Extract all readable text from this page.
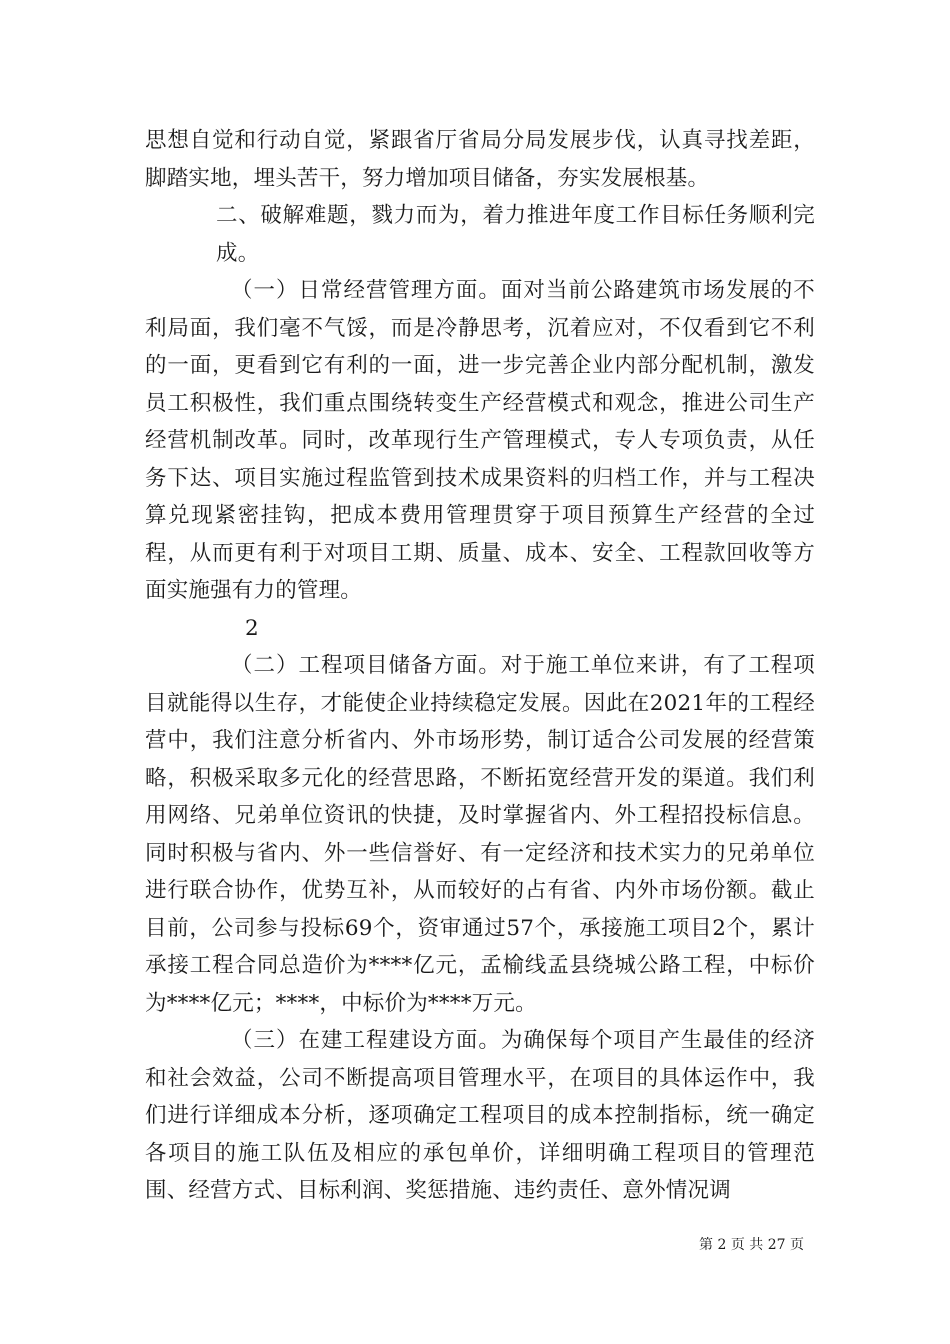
思想自觉和行动自觉，紧跟省厅省局分局发展步伐，认真寻找差距，脚踏实地，埋头苦干，努力增加项目储备，夯实发展根基。

二、破解难题，戮力而为，着力推进年度工作目标任务顺利完成。

（一）日常经营管理方面。面对当前公路建筑市场发展的不利局面，我们毫不气馁，而是冷静思考，沉着应对，不仅看到它不利的一面，更看到它有利的一面，进一步完善企业内部分配机制，激发员工积极性，我们重点围绕转变生产经营模式和观念，推进公司生产经营机制改革。同时，改革现行生产管理模式，专人专项负责，从任务下达、项目实施过程监管到技术成果资料的归档工作，并与工程决算兑现紧密挂钩，把成本费用管理贯穿于项目预算生产经营的全过程，从而更有利于对项目工期、质量、成本、安全、工程款回收等方面实施强有力的管理。

2

（二）工程项目储备方面。对于施工单位来讲，有了工程项目就能得以生存，才能使企业持续稳定发展。因此在2021年的工程经营中，我们注意分析省内、外市场形势，制订适合公司发展的经营策略，积极采取多元化的经营思路，不断拓宽经营开发的渠道。我们利用网络、兄弟单位资讯的快捷，及时掌握省内、外工程招投标信息。同时积极与省内、外一些信誉好、有一定经济和技术实力的兄弟单位进行联合协作，优势互补，从而较好的占有省、内外市场份额。截止目前，公司参与投标69个，资审通过57个，承接施工项目2个，累计承接工程合同总造价为****亿元，孟榆线孟县绕城公路工程，中标价为****亿元；****，中标价为****万元。

（三）在建工程建设方面。为确保每个项目产生最佳的经济和社会效益，公司不断提高项目管理水平，在项目的具体运作中，我们进行详细成本分析，逐项确定工程项目的成本控制指标，统一确定各项目的施工队伍及相应的承包单价，详细明确工程项目的管理范围、经营方式、目标利润、奖惩措施、违约责任、意外情况调

第 2 页 共 27 页
